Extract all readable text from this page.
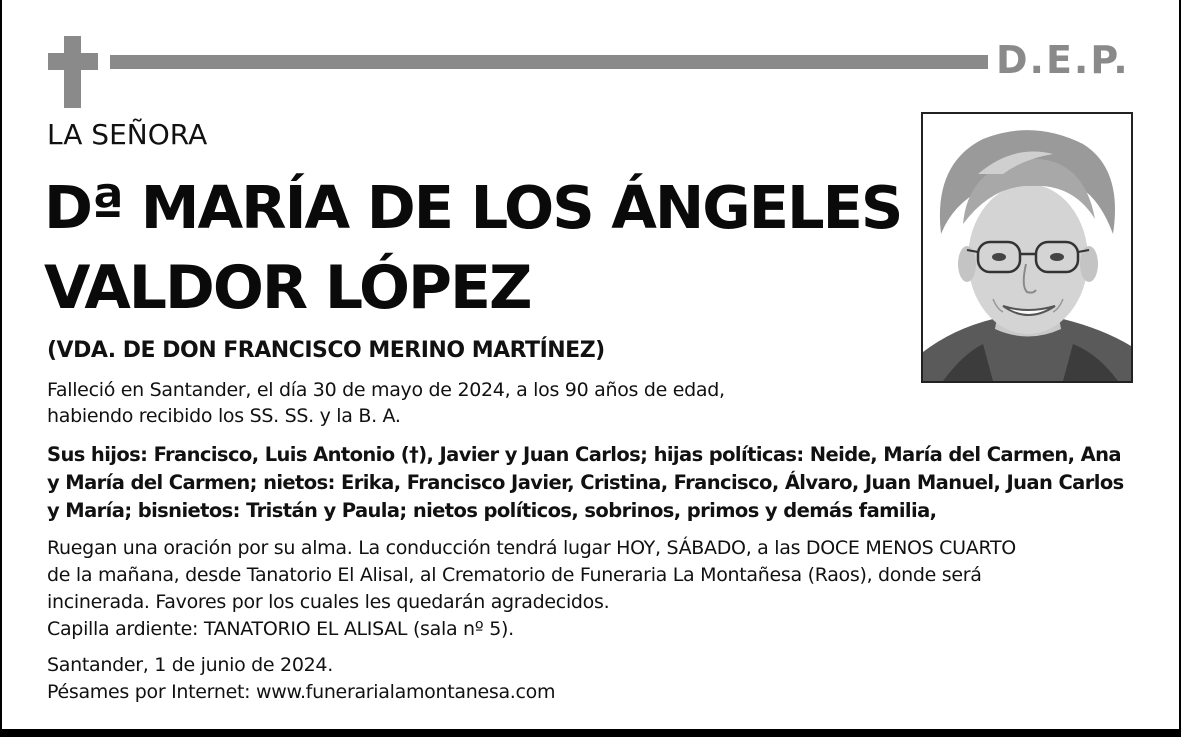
D.E.P.
LA SEÑORA
Dª MARÍA DE LOS ÁNGELES
VALDOR LÓPEZ
(VDA. DE DON FRANCISCO MERINO MARTÍNEZ)
Falleció en Santander, el día 30 de mayo de 2024, a los 90 años de edad,
habiendo recibido los SS. SS. y la B. A.
Sus hijos: Francisco, Luis Antonio (†), Javier y Juan Carlos; hijas políticas: Neide, María del Carmen, Ana
y María del Carmen; nietos: Erika, Francisco Javier, Cristina, Francisco, Álvaro, Juan Manuel, Juan Carlos
y María; bisnietos: Tristán y Paula; nietos políticos, sobrinos, primos y demás familia,
Ruegan una oración por su alma. La conducción tendrá lugar HOY, SÁBADO, a las DOCE MENOS CUARTO
de la mañana, desde Tanatorio El Alisal, al Crematorio de Funeraria La Montañesa (Raos), donde será
incinerada. Favores por los cuales les quedarán agradecidos.
Capilla ardiente: TANATORIO EL ALISAL (sala nº 5).
Santander, 1 de junio de 2024.
Pésames por Internet: www.funerarialamontanesa.com
